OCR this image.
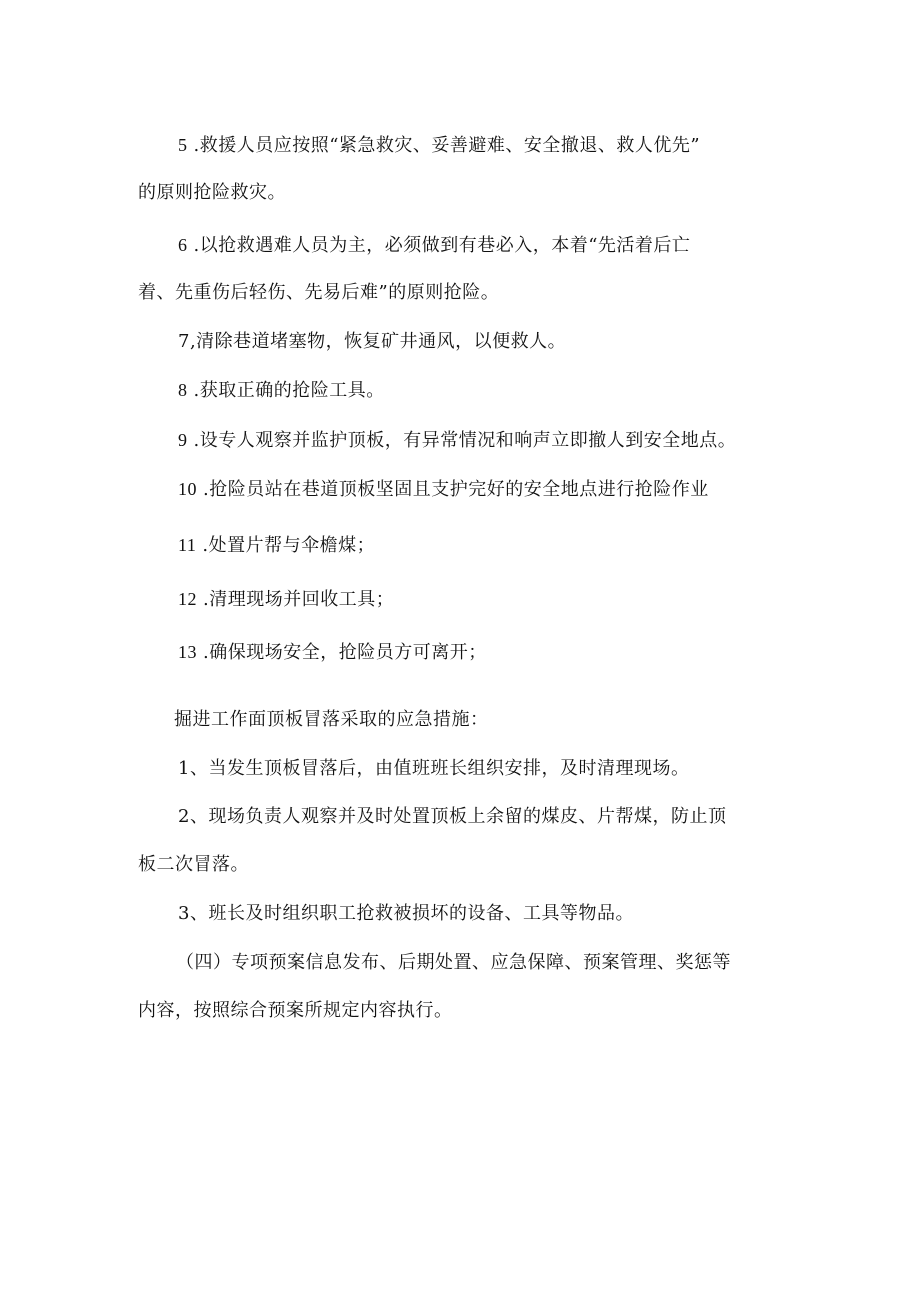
5 .救援人员应按照“紧急救灾、妥善避难、安全撤退、救人优先”
的原则抢险救灾。
6 .以抢救遇难人员为主，必须做到有巷必入，本着“先活着后亡
着、先重伤后轻伤、先易后难”的原则抢险。
7,清除巷道堵塞物，恢复矿井通风，以便救人。
8 .获取正确的抢险工具。
9 .设专人观察并监护顶板，有异常情况和响声立即撤人到安全地点。
10 .抢险员站在巷道顶板坚固且支护完好的安全地点进行抢险作业
11 .处置片帮与伞檐煤；
12 .清理现场并回收工具；
13 .确保现场安全，抢险员方可离开；
掘进工作面顶板冒落采取的应急措施：
1、当发生顶板冒落后，由值班班长组织安排，及时清理现场。
2、现场负责人观察并及时处置顶板上余留的煤皮、片帮煤，防止顶
板二次冒落。
3、班长及时组织职工抢救被损坏的设备、工具等物品。
（四）专项预案信息发布、后期处置、应急保障、预案管理、奖惩等
内容，按照综合预案所规定内容执行。
